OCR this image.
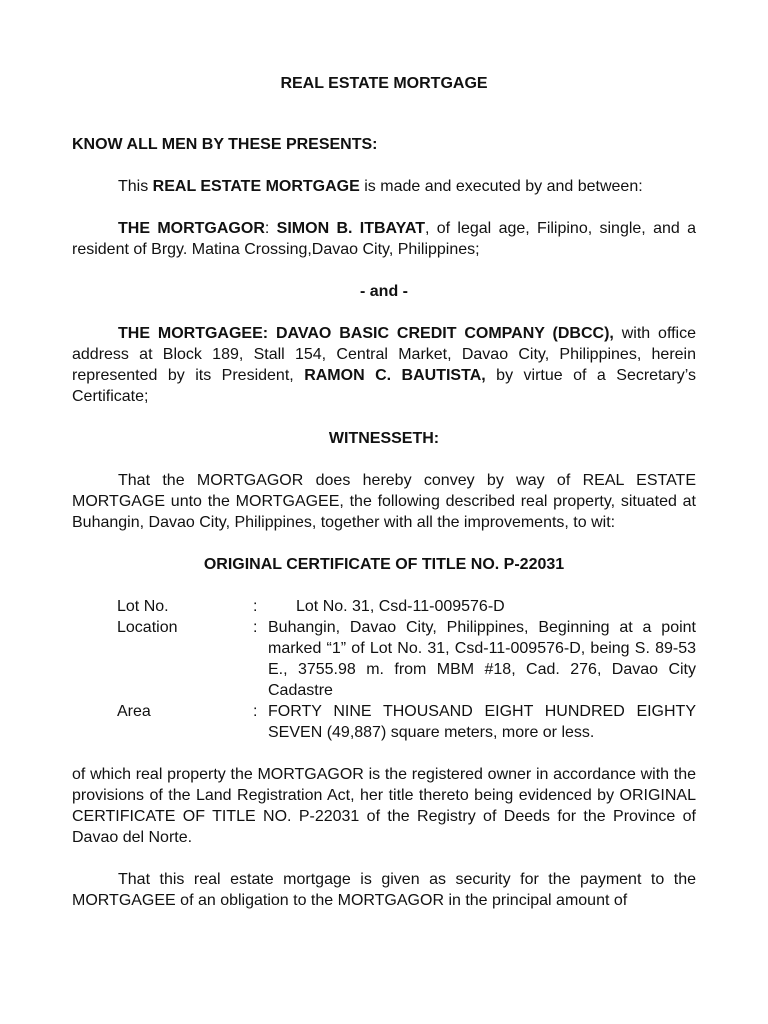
REAL ESTATE MORTGAGE

KNOW ALL MEN BY THESE PRESENTS:

This REAL ESTATE MORTGAGE is made and executed by and between:

THE MORTGAGOR: SIMON B. ITBAYAT, of legal age, Filipino, single, and a resident of Brgy. Matina Crossing,Davao City, Philippines;

- and -

THE MORTGAGEE: DAVAO BASIC CREDIT COMPANY (DBCC), with office address at Block 189, Stall 154, Central Market, Davao City, Philippines, herein represented by its President, RAMON C. BAUTISTA, by virtue of a Secretary’s Certificate;

WITNESSETH:

That the MORTGAGOR does hereby convey by way of REAL ESTATE MORTGAGE unto the MORTGAGEE, the following described real property, situated at Buhangin, Davao City, Philippines, together with all the improvements, to wit:

ORIGINAL CERTIFICATE OF TITLE NO. P-22031

Lot No.	:	Lot No. 31, Csd-11-009576-D
Location	: Buhangin, Davao City, Philippines, Beginning at a point marked “1” of Lot No. 31, Csd-11-009576-D, being S. 89-53 E., 3755.98 m. from MBM #18, Cad. 276, Davao City Cadastre
Area	: FORTY NINE THOUSAND EIGHT HUNDRED EIGHTY SEVEN (49,887) square meters, more or less.

of which real property the MORTGAGOR is the registered owner in accordance with the provisions of the Land Registration Act, her title thereto being evidenced by ORIGINAL CERTIFICATE OF TITLE NO. P-22031 of the Registry of Deeds for the Province of Davao del Norte.

That this real estate mortgage is given as security for the payment to the MORTGAGEE of an obligation to the MORTGAGOR in the principal amount of
